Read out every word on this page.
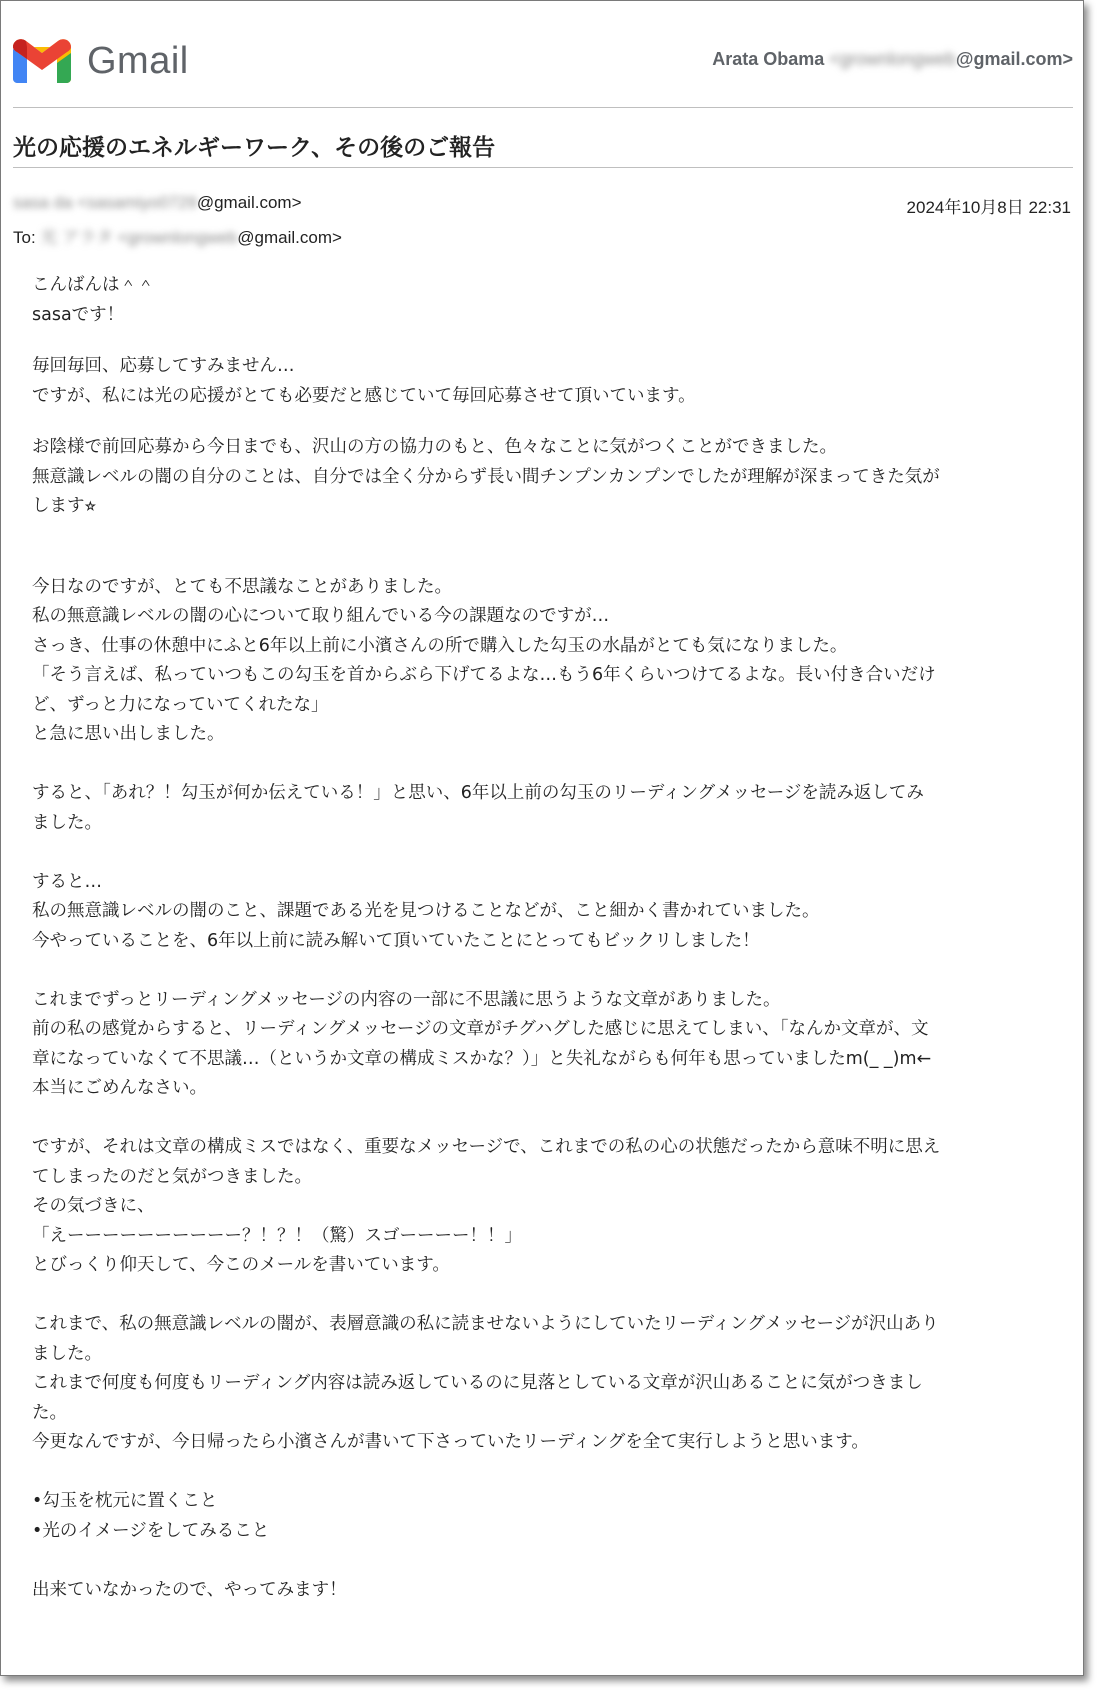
Gmail	Arata Obama <grownlongweb@gmail.com>
光の応援のエネルギーワーク、その後のご報告
sasa da <sasamiyo0729@gmail.com>	2024年10月8日 22:31
To: 光 アラタ <grownlongweb@gmail.com>
こんばんは＾＾
sasaです！
毎回毎回、応募してすみません…
ですが、私には光の応援がとても必要だと感じていて毎回応募させて頂いています。
お陰様で前回応募から今日までも、沢山の方の協力のもと、色々なことに気がつくことができました。
無意識レベルの闇の自分のことは、自分では全く分からず長い間チンプンカンプンでしたが理解が深まってきた気が
します⭐︎
今日なのですが、とても不思議なことがありました。
私の無意識レベルの闇の心について取り組んでいる今の課題なのですが…
さっき、仕事の休憩中にふと6年以上前に小濱さんの所で購入した勾玉の水晶がとても気になりました。
「そう言えば、私っていつもこの勾玉を首からぶら下げてるよな…もう6年くらいつけてるよな。長い付き合いだけ
ど、ずっと力になっていてくれたな」
と急に思い出しました。
すると、「あれ？！勾玉が何か伝えている！」と思い、6年以上前の勾玉のリーディングメッセージを読み返してみ
ました。
すると…
私の無意識レベルの闇のこと、課題である光を見つけることなどが、こと細かく書かれていました。
今やっていることを、6年以上前に読み解いて頂いていたことにとってもビックリしました！
これまでずっとリーディングメッセージの内容の一部に不思議に思うような文章がありました。
前の私の感覚からすると、リーディングメッセージの文章がチグハグした感じに思えてしまい、「なんか文章が、文
章になっていなくて不思議…（というか文章の構成ミスかな？）」と失礼ながらも何年も思っていましたm(_ _)m←
本当にごめんなさい。
ですが、それは文章の構成ミスではなく、重要なメッセージで、これまでの私の心の状態だったから意味不明に思え
てしまったのだと気がつきました。
その気づきに、
「えーーーーーーーーーー？！？！（驚）スゴーーーー！！」
とびっくり仰天して、今このメールを書いています。
これまで、私の無意識レベルの闇が、表層意識の私に読ませないようにしていたリーディングメッセージが沢山あり
ました。
これまで何度も何度もリーディング内容は読み返しているのに見落としている文章が沢山あることに気がつきまし
た。
今更なんですが、今日帰ったら小濱さんが書いて下さっていたリーディングを全て実行しようと思います。
•勾玉を枕元に置くこと
•光のイメージをしてみること
出来ていなかったので、やってみます！
